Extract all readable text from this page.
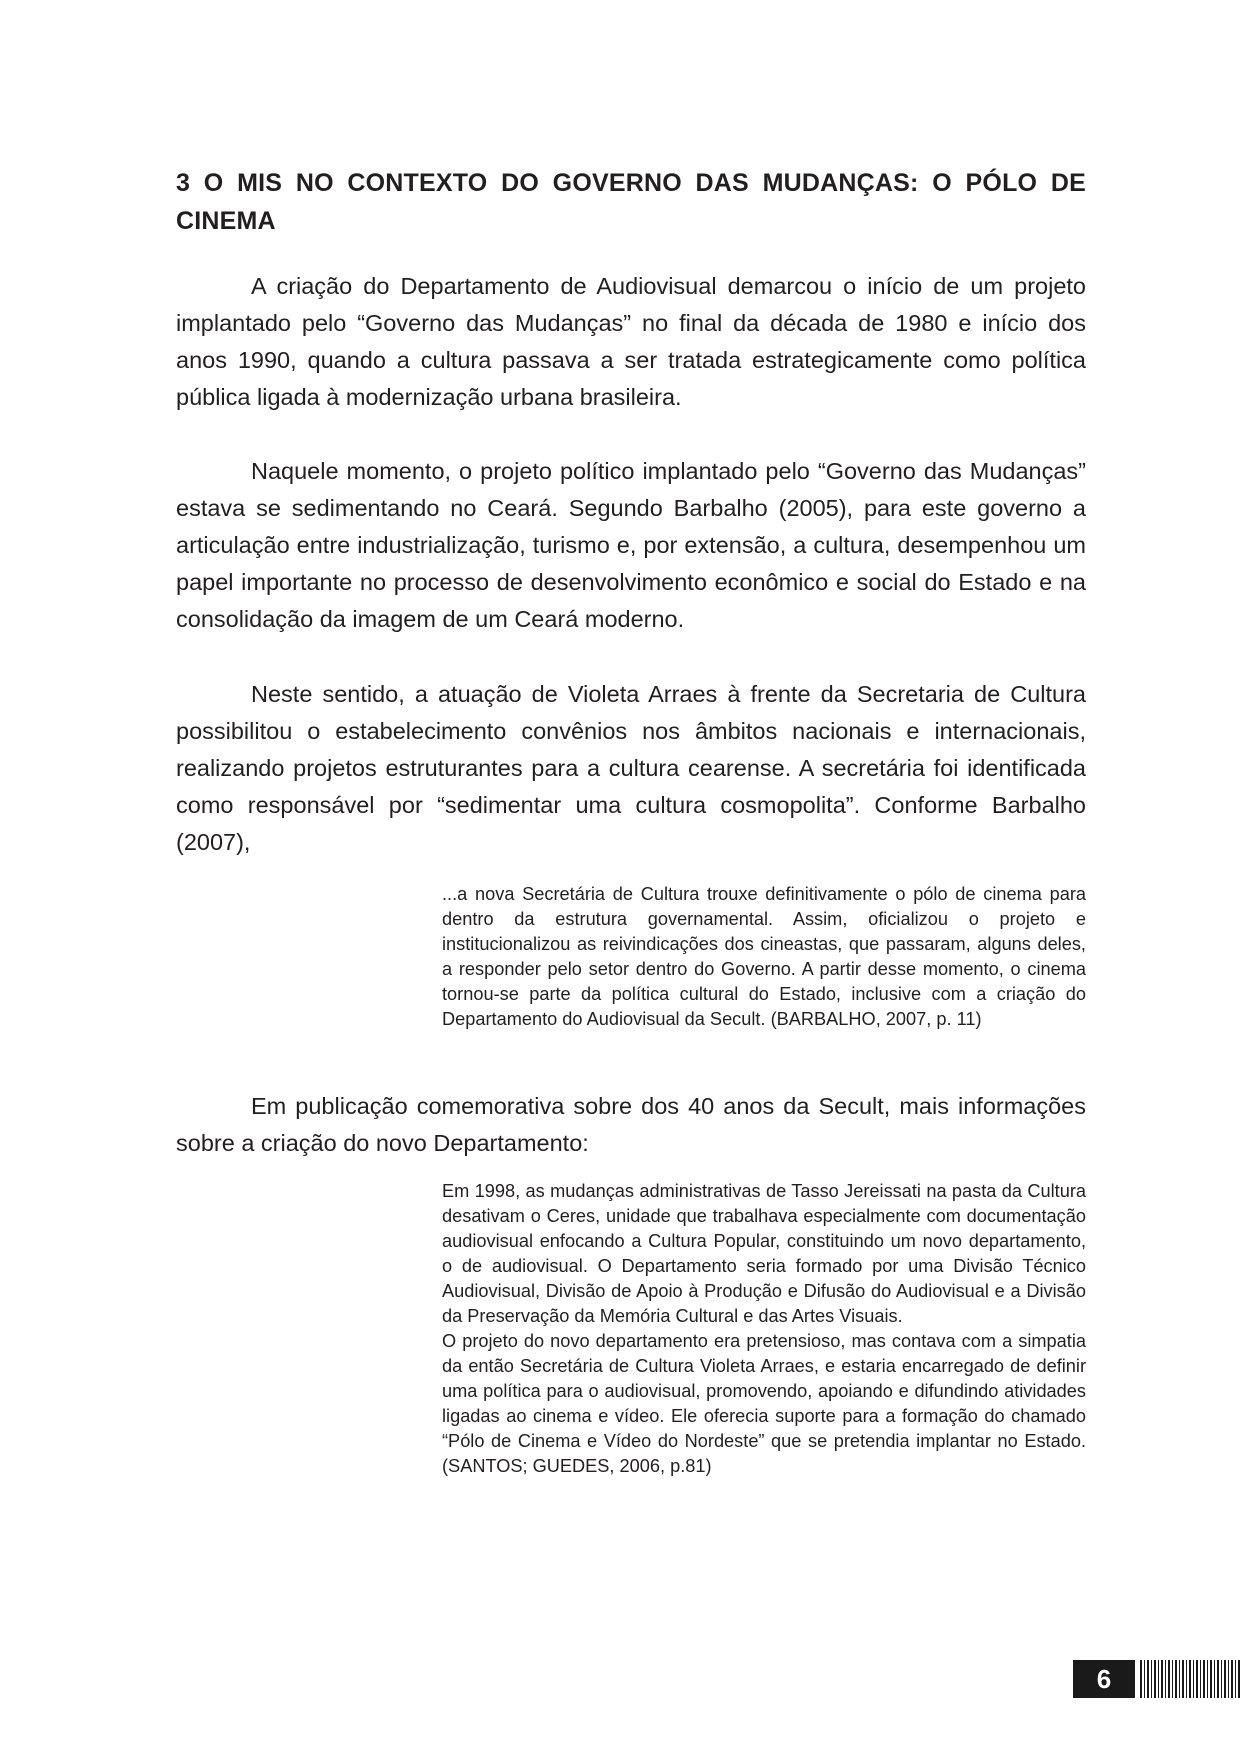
3 O MIS NO CONTEXTO DO GOVERNO DAS MUDANÇAS: O PÓLO DE CINEMA

A criação do Departamento de Audiovisual demarcou o início de um projeto implantado pelo “Governo das Mudanças” no final da década de 1980 e início dos anos 1990, quando a cultura passava a ser tratada estrategicamente como política pública ligada à modernização urbana brasileira.

Naquele momento, o projeto político implantado pelo “Governo das Mudanças” estava se sedimentando no Ceará. Segundo Barbalho (2005), para este governo a articulação entre industrialização, turismo e, por extensão, a cultura, desempenhou um papel importante no processo de desenvolvimento econômico e social do Estado e na consolidação da imagem de um Ceará moderno.

Neste sentido, a atuação de Violeta Arraes à frente da Secretaria de Cultura possibilitou o estabelecimento convênios nos âmbitos nacionais e internacionais, realizando projetos estruturantes para a cultura cearense. A secretária foi identificada como responsável por “sedimentar uma cultura cosmopolita”. Conforme Barbalho (2007),

...a nova Secretária de Cultura trouxe definitivamente o pólo de cinema para dentro da estrutura governamental. Assim, oficializou o projeto e institucionalizou as reivindicações dos cineastas, que passaram, alguns deles, a responder pelo setor dentro do Governo. A partir desse momento, o cinema tornou-se parte da política cultural do Estado, inclusive com a criação do Departamento do Audiovisual da Secult. (BARBALHO, 2007, p. 11)

Em publicação comemorativa sobre dos 40 anos da Secult, mais informações sobre a criação do novo Departamento:

Em 1998, as mudanças administrativas de Tasso Jereissati na pasta da Cultura desativam o Ceres, unidade que trabalhava especialmente com documentação audiovisual enfocando a Cultura Popular, constituindo um novo departamento, o de audiovisual. O Departamento seria formado por uma Divisão Técnico Audiovisual, Divisão de Apoio à Produção e Difusão do Audiovisual e a Divisão da Preservação da Memória Cultural e das Artes Visuais.

O projeto do novo departamento era pretensioso, mas contava com a simpatia da então Secretária de Cultura Violeta Arraes, e estaria encarregado de definir uma política para o audiovisual, promovendo, apoiando e difundindo atividades ligadas ao cinema e vídeo. Ele oferecia suporte para a formação do chamado “Pólo de Cinema e Vídeo do Nordeste” que se pretendia implantar no Estado. (SANTOS; GUEDES, 2006, p.81)

6
